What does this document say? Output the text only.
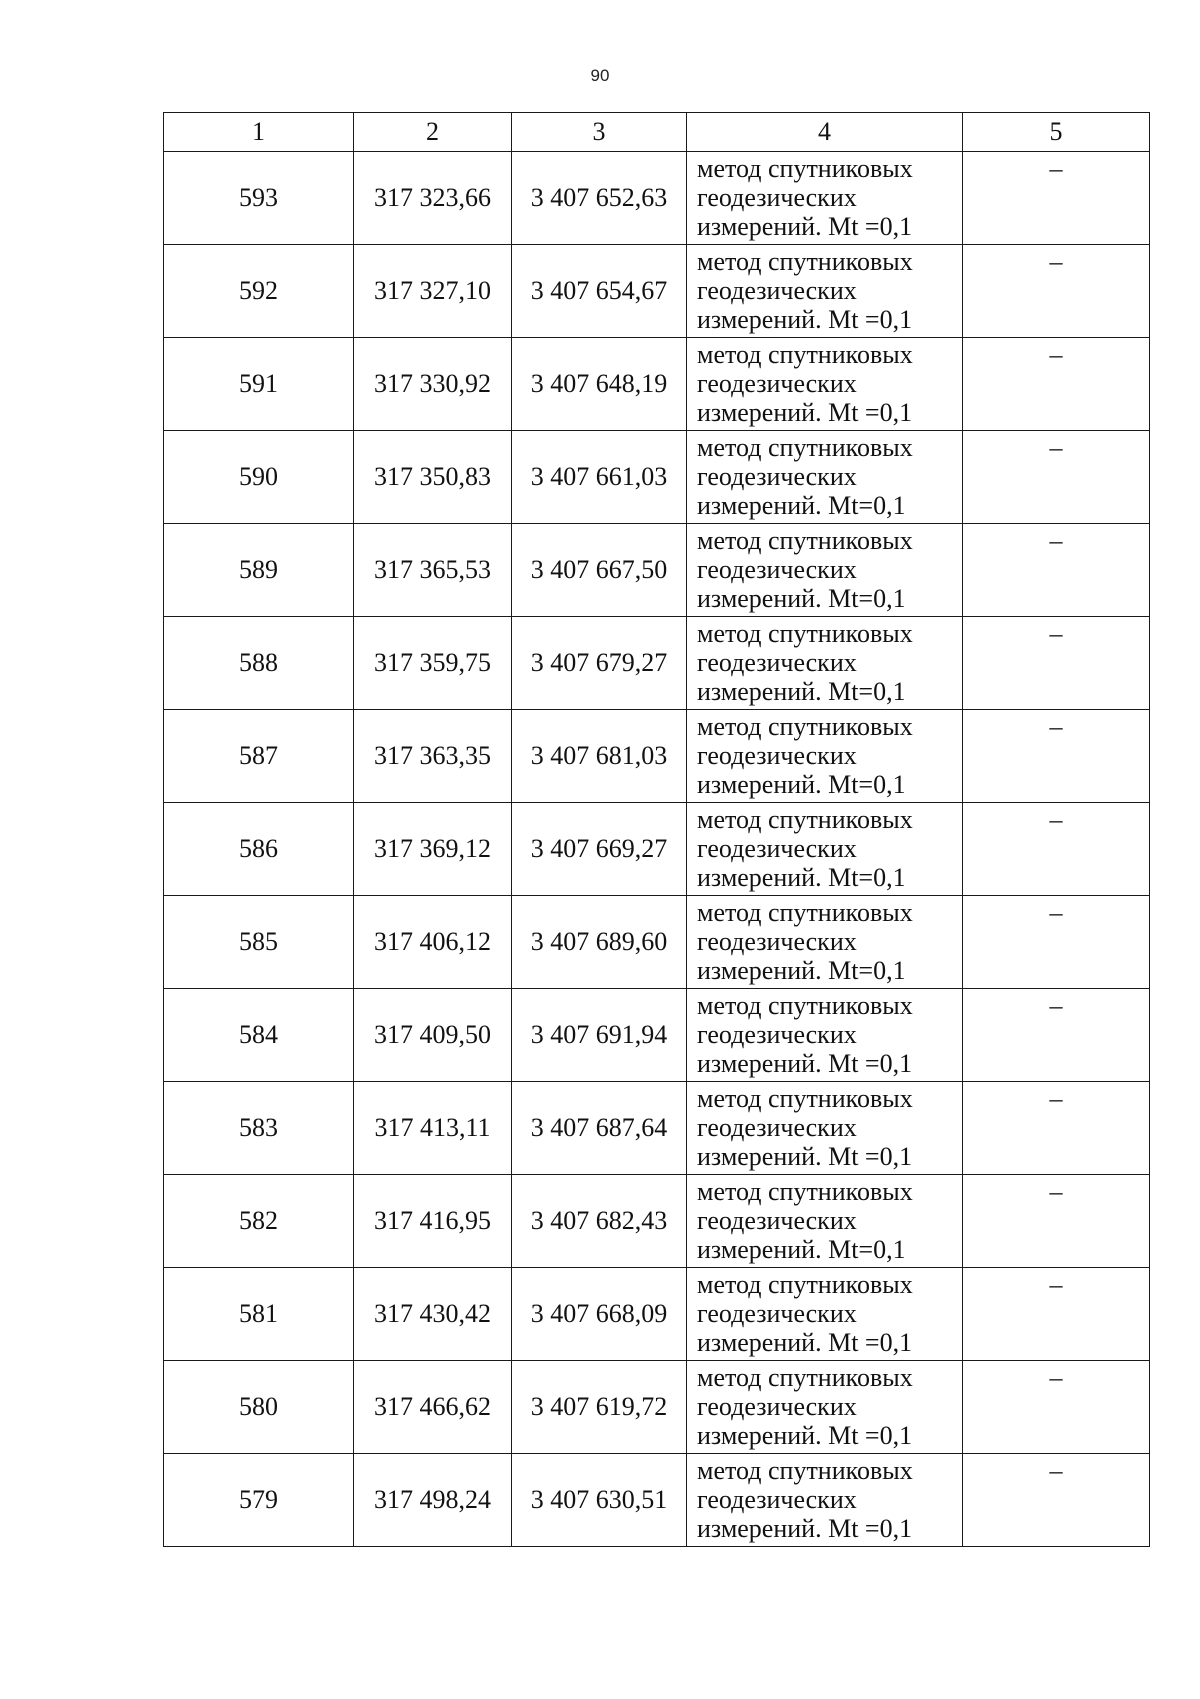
90
1	2	3	4	5
593	317 323,66	3 407 652,63	метод спутниковых
геодезических
измерений. Mt =0,1	–
592	317 327,10	3 407 654,67	метод спутниковых
геодезических
измерений. Mt =0,1	–
591	317 330,92	3 407 648,19	метод спутниковых
геодезических
измерений. Mt =0,1	–
590	317 350,83	3 407 661,03	метод спутниковых
геодезических
измерений. Mt=0,1	–
589	317 365,53	3 407 667,50	метод спутниковых
геодезических
измерений. Mt=0,1	–
588	317 359,75	3 407 679,27	метод спутниковых
геодезических
измерений. Mt=0,1	–
587	317 363,35	3 407 681,03	метод спутниковых
геодезических
измерений. Mt=0,1	–
586	317 369,12	3 407 669,27	метод спутниковых
геодезических
измерений. Mt=0,1	–
585	317 406,12	3 407 689,60	метод спутниковых
геодезических
измерений. Mt=0,1	–
584	317 409,50	3 407 691,94	метод спутниковых
геодезических
измерений. Mt =0,1	–
583	317 413,11	3 407 687,64	метод спутниковых
геодезических
измерений. Mt =0,1	–
582	317 416,95	3 407 682,43	метод спутниковых
геодезических
измерений. Mt=0,1	–
581	317 430,42	3 407 668,09	метод спутниковых
геодезических
измерений. Mt =0,1	–
580	317 466,62	3 407 619,72	метод спутниковых
геодезических
измерений. Mt =0,1	–
579	317 498,24	3 407 630,51	метод спутниковых
геодезических
измерений. Mt =0,1	–
